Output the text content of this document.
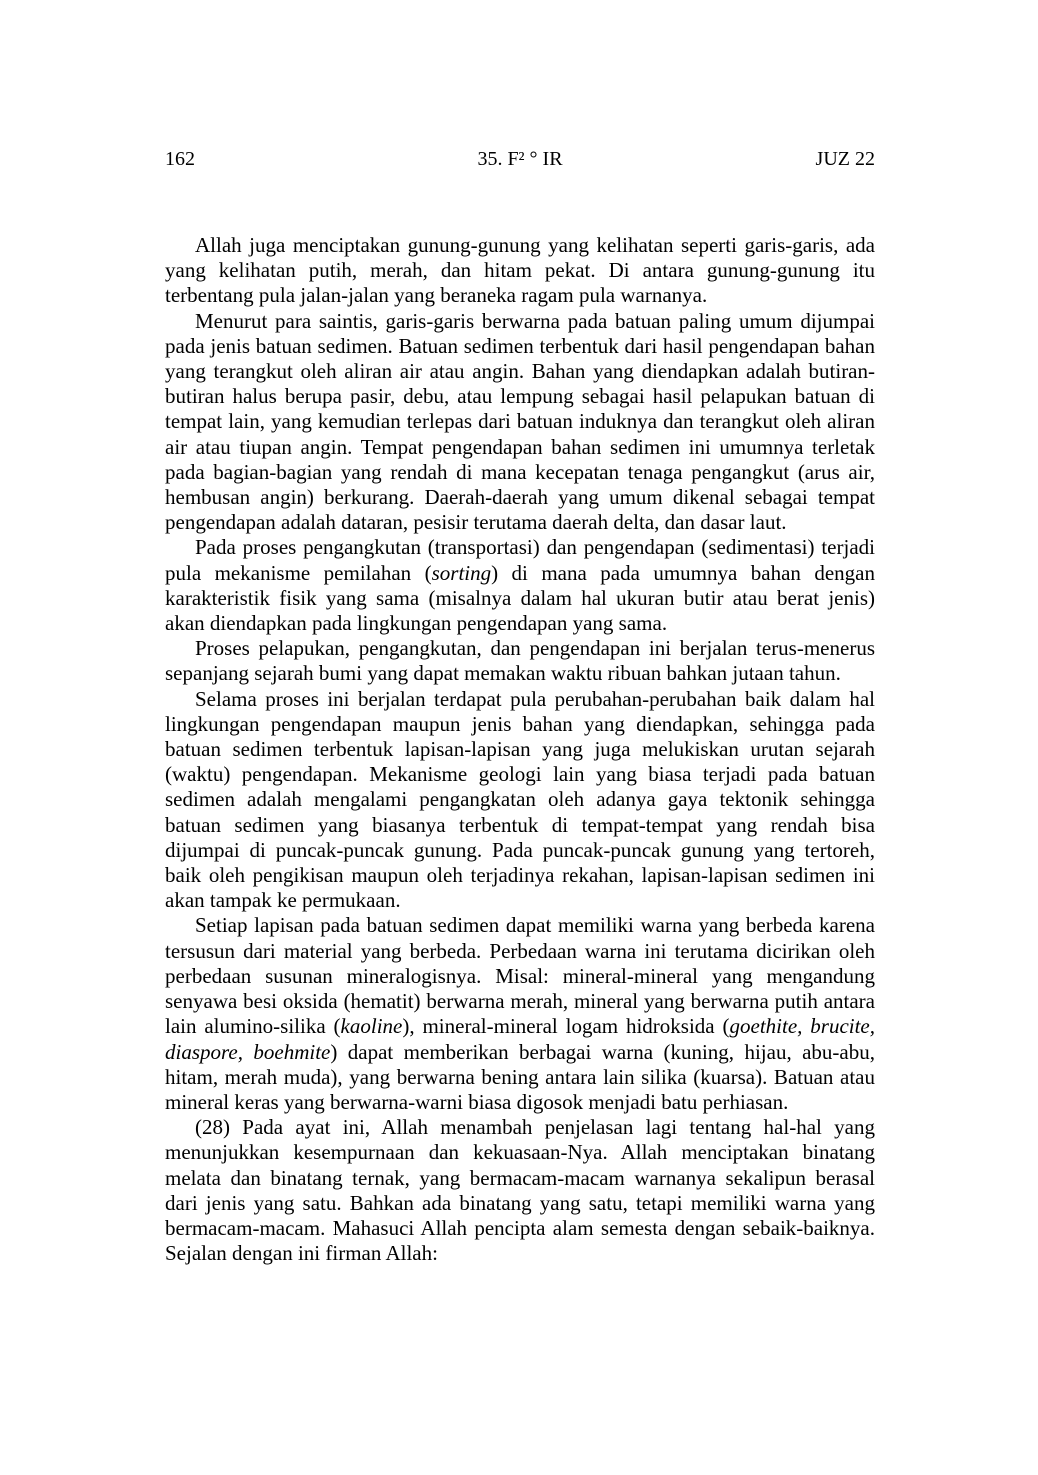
162	35. F² ° IR	JUZ 22

Allah juga menciptakan gunung-gunung yang kelihatan seperti garis-garis, ada yang kelihatan putih, merah, dan hitam pekat. Di antara gunung-gunung itu terbentang pula jalan-jalan yang beraneka ragam pula warnanya.

Menurut para saintis, garis-garis berwarna pada batuan paling umum dijumpai pada jenis batuan sedimen. Batuan sedimen terbentuk dari hasil pengendapan bahan yang terangkut oleh aliran air atau angin. Bahan yang diendapkan adalah butiran-butiran halus berupa pasir, debu, atau lempung sebagai hasil pelapukan batuan di tempat lain, yang kemudian terlepas dari batuan induknya dan terangkut oleh aliran air atau tiupan angin. Tempat pengendapan bahan sedimen ini umumnya terletak pada bagian-bagian yang rendah di mana kecepatan tenaga pengangkut (arus air, hembusan angin) berkurang. Daerah-daerah yang umum dikenal sebagai tempat pengendapan adalah dataran, pesisir terutama daerah delta, dan dasar laut.

Pada proses pengangkutan (transportasi) dan pengendapan (sedimentasi) terjadi pula mekanisme pemilahan (sorting) di mana pada umumnya bahan dengan karakteristik fisik yang sama (misalnya dalam hal ukuran butir atau berat jenis) akan diendapkan pada lingkungan pengendapan yang sama.

Proses pelapukan, pengangkutan, dan pengendapan ini berjalan terus-menerus sepanjang sejarah bumi yang dapat memakan waktu ribuan bahkan jutaan tahun.

Selama proses ini berjalan terdapat pula perubahan-perubahan baik dalam hal lingkungan pengendapan maupun jenis bahan yang diendapkan, sehingga pada batuan sedimen terbentuk lapisan-lapisan yang juga melukiskan urutan sejarah (waktu) pengendapan. Mekanisme geologi lain yang biasa terjadi pada batuan sedimen adalah mengalami pengangkatan oleh adanya gaya tektonik sehingga batuan sedimen yang biasanya terbentuk di tempat-tempat yang rendah bisa dijumpai di puncak-puncak gunung. Pada puncak-puncak gunung yang tertoreh, baik oleh pengikisan maupun oleh terjadinya rekahan, lapisan-lapisan sedimen ini akan tampak ke permukaan.

Setiap lapisan pada batuan sedimen dapat memiliki warna yang berbeda karena tersusun dari material yang berbeda. Perbedaan warna ini terutama dicirikan oleh perbedaan susunan mineralogisnya. Misal: mineral-mineral yang mengandung senyawa besi oksida (hematit) berwarna merah, mineral yang berwarna putih antara lain alumino-silika (kaoline), mineral-mineral logam hidroksida (goethite, brucite, diaspore, boehmite) dapat memberikan berbagai warna (kuning, hijau, abu-abu, hitam, merah muda), yang berwarna bening antara lain silika (kuarsa). Batuan atau mineral keras yang berwarna-warni biasa digosok menjadi batu perhiasan.

(28) Pada ayat ini, Allah menambah penjelasan lagi tentang hal-hal yang menunjukkan kesempurnaan dan kekuasaan-Nya. Allah menciptakan binatang melata dan binatang ternak, yang bermacam-macam warnanya sekalipun berasal dari jenis yang satu. Bahkan ada binatang yang satu, tetapi memiliki warna yang bermacam-macam. Mahasuci Allah pencipta alam semesta dengan sebaik-baiknya. Sejalan dengan ini firman Allah:
